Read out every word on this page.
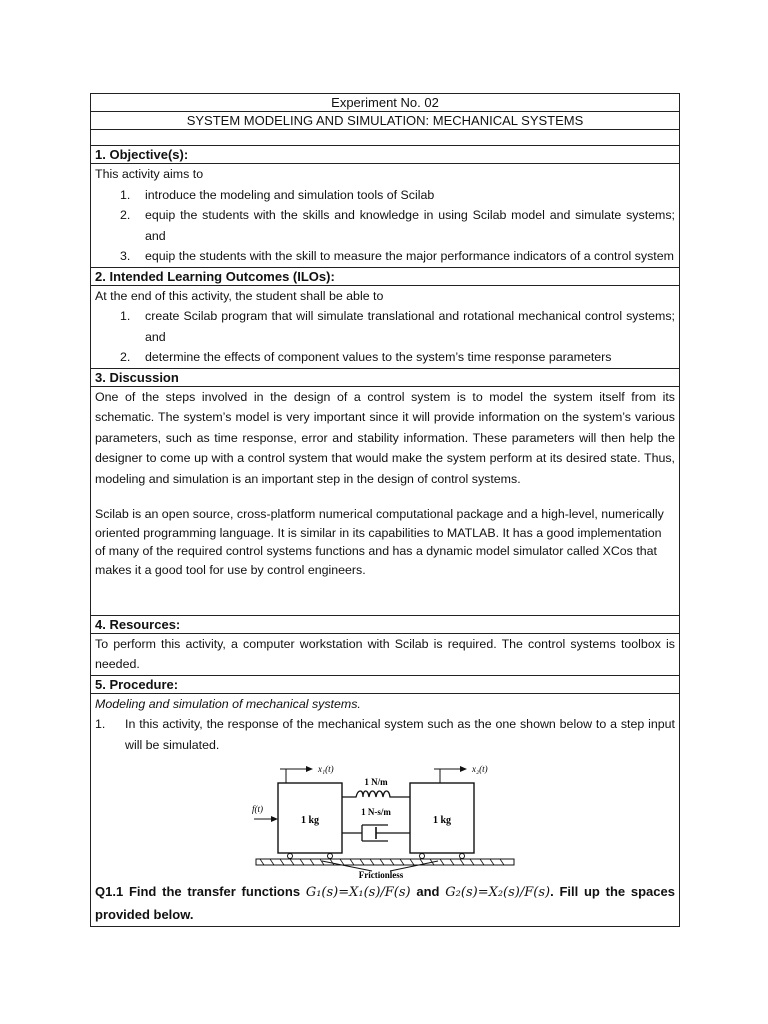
Experiment No. 02
SYSTEM MODELING AND SIMULATION: MECHANICAL SYSTEMS
1. Objective(s):
This activity aims to
1. introduce the modeling and simulation tools of Scilab
2. equip the students with the skills and knowledge in using Scilab model and simulate systems; and
3. equip the students with the skill to measure the major performance indicators of a control system
2. Intended Learning Outcomes (ILOs):
At the end of this activity, the student shall be able to
1. create Scilab program that will simulate translational and rotational mechanical control systems; and
2. determine the effects of component values to the system’s time response parameters
3. Discussion
One of the steps involved in the design of a control system is to model the system itself from its schematic. The system’s model is very important since it will provide information on the system’s various parameters, such as time response, error and stability information. These parameters will then help the designer to come up with a control system that would make the system perform at its desired state. Thus, modeling and simulation is an important step in the design of control systems.
Scilab is an open source, cross-platform numerical computational package and a high-level, numerically oriented programming language. It is similar in its capabilities to MATLAB. It has a good implementation of many of the required control systems functions and has a dynamic model simulator called XCos that makes it a good tool for use by control engineers.
4. Resources:
To perform this activity, a computer workstation with Scilab is required. The control systems toolbox is needed.
5. Procedure:
Modeling and simulation of mechanical systems.
1. In this activity, the response of the mechanical system such as the one shown below to a step input will be simulated.
x₁(t)	x₂(t)
1 kg	1 kg
f(t)
1 N/m
1 N-s/m
Frictionless
Q1.1 Find the transfer functions G₁(s)=X₁(s)/F(s) and G₂(s)=X₂(s)/F(s). Fill up the spaces provided below.
